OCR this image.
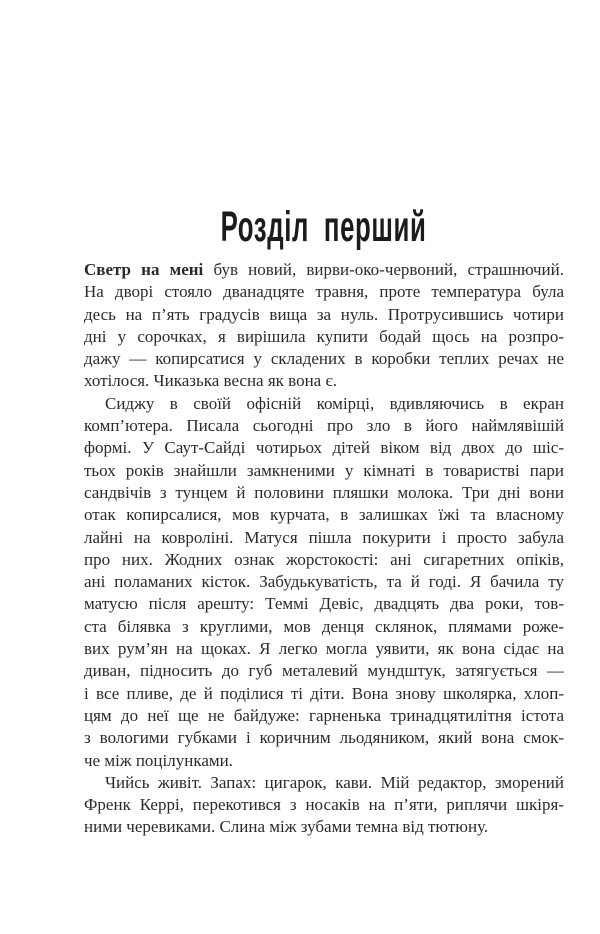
Розділ перший
Светр на мені був новий, вирви-око-червоний, страшнючий.
На дворі стояло дванадцяте травня, проте температура була
десь на п’ять градусів вища за нуль. Протрусившись чотири
дні у сорочках, я вирішила купити бодай щось на розпро-
дажу — копирсатися у складених в коробки теплих речах не
хотілося. Чиказька весна як вона є.
Сиджу в своїй офісній комірці, вдивляючись в екран
комп’ютера. Писала сьогодні про зло в його наймлявішій
формі. У Саут-Сайді чотирьох дітей віком від двох до шіс-
тьох років знайшли замкненими у кімнаті в товаристві пари
сандвічів з тунцем й половини пляшки молока. Три дні вони
отак копирсалися, мов курчата, в залишках їжі та власному
лайні на ковроліні. Матуся пішла покурити і просто забула
про них. Жодних ознак жорстокості: ані сигаретних опіків,
ані поламаних кісток. Забудькуватість, та й годі. Я бачила ту
матусю після арешту: Теммі Девіс, двадцять два роки, тов-
ста білявка з круглими, мов денця склянок, плямами роже-
вих рум’ян на щоках. Я легко могла уявити, як вона сідає на
диван, підносить до губ металевий мундштук, затягується —
і все пливе, де й поділися ті діти. Вона знову школярка, хлоп-
цям до неї ще не байдуже: гарненька тринадцятилітня істота
з вологими губками і коричним льодяником, який вона смок-
че між поцілунками.
Чийсь живіт. Запах: цигарок, кави. Мій редактор, зморений
Френк Керрі, перекотився з носаків на п’яти, риплячи шкіря-
ними черевиками. Слина між зубами темна від тютюну.
